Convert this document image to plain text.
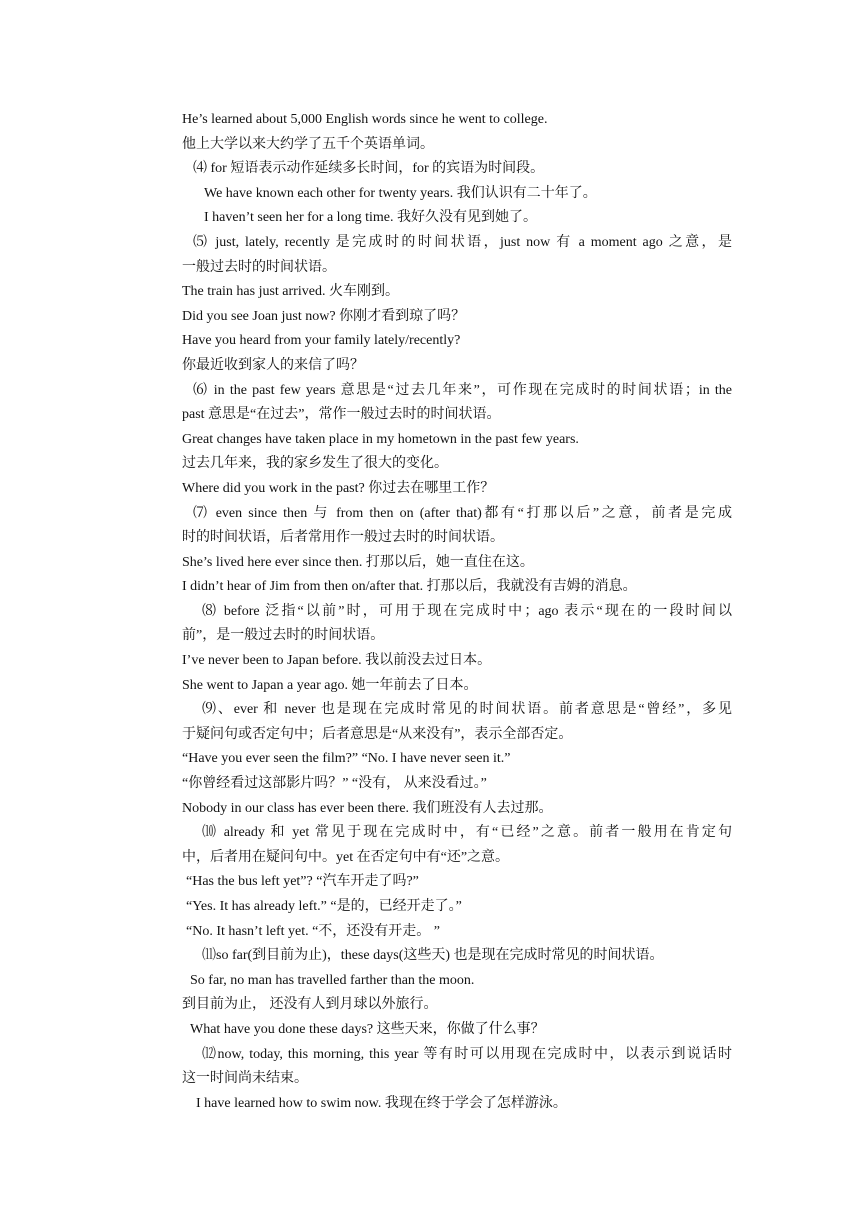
He’s learned about 5,000 English words since he went to college.
他上大学以来大约学了五千个英语单词。
⑷ for 短语表示动作延续多长时间，for 的宾语为时间段。
We have known each other for twenty years. 我们认识有二十年了。
I haven’t seen her for a long time. 我好久没有见到她了。
⑸ just, lately, recently 是完成时的时间状语，just now 有 a moment ago 之意，是
一般过去时的时间状语。
The train has just arrived. 火车刚到。
Did you see Joan just now? 你刚才看到琼了吗？
Have you heard from your family lately/recently?
你最近收到家人的来信了吗？
⑹ in the past few years 意思是“过去几年来”，可作现在完成时的时间状语；in the
past 意思是“在过去”，常作一般过去时的时间状语。
Great changes have taken place in my hometown in the past few years.
过去几年来，我的家乡发生了很大的变化。
Where did you work in the past? 你过去在哪里工作？
⑺ even since then 与 from then on (after that)都有“打那以后”之意，前者是完成
时的时间状语，后者常用作一般过去时的时间状语。
She’s lived here ever since then. 打那以后，她一直住在这。
I didn’t hear of Jim from then on/after that. 打那以后，我就没有吉姆的消息。
⑻ before 泛指“以前”时，可用于现在完成时中；ago 表示“现在的一段时间以
前”，是一般过去时的时间状语。
I’ve never been to Japan before. 我以前没去过日本。
She went to Japan a year ago. 她一年前去了日本。
⑼、ever 和 never 也是现在完成时常见的时间状语。前者意思是“曾经”，多见
于疑问句或否定句中；后者意思是“从来没有”，表示全部否定。
“Have you ever seen the film?” “No. I have never seen it.”
“你曾经看过这部影片吗？” “没有， 从来没看过。”
Nobody in our class has ever been there. 我们班没有人去过那。
⑽ already 和 yet 常见于现在完成时中，有“已经”之意。前者一般用在肯定句
中，后者用在疑问句中。yet 在否定句中有“还”之意。
“Has the bus left yet”? “汽车开走了吗?”
“Yes. It has already left.” “是的，已经开走了。”
“No. It hasn’t left yet. “不，还没有开走。 ”
⑾so far(到目前为止)，these days(这些天) 也是现在完成时常见的时间状语。
So far, no man has travelled farther than the moon.
到目前为止， 还没有人到月球以外旅行。
What have you done these days? 这些天来，你做了什么事？
⑿now, today, this morning, this year 等有时可以用现在完成时中，以表示到说话时
这一时间尚未结束。
I have learned how to swim now. 我现在终于学会了怎样游泳。
